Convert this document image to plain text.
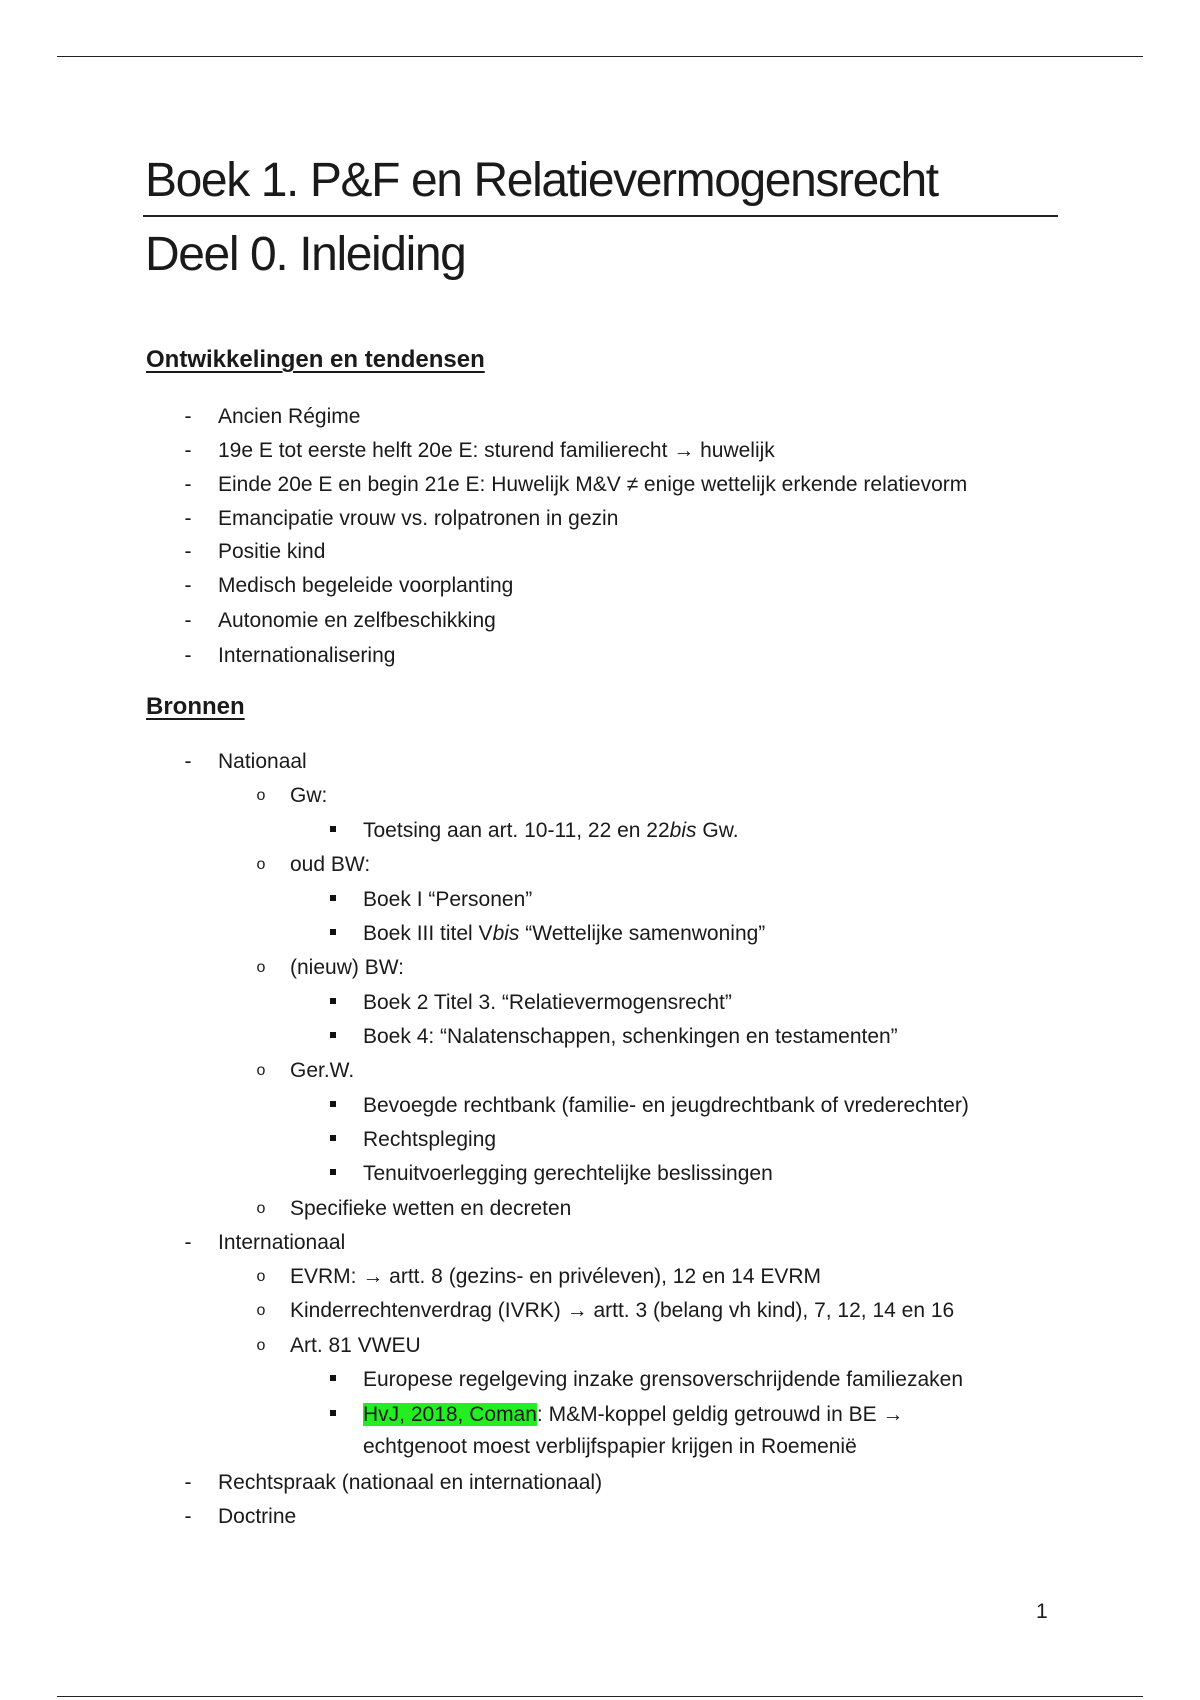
Boek 1. P&F en Relatievermogensrecht
Deel 0. Inleiding
Ontwikkelingen en tendensen
- Ancien Régime
- 19e E tot eerste helft 20e E: sturend familierecht → huwelijk
- Einde 20e E en begin 21e E: Huwelijk M&V ≠ enige wettelijk erkende relatievorm
- Emancipatie vrouw vs. rolpatronen in gezin
- Positie kind
- Medisch begeleide voorplanting
- Autonomie en zelfbeschikking
- Internationalisering
Bronnen
- Nationaal
o Gw:
Toetsing aan art. 10-11, 22 en 22bis Gw.
o oud BW:
Boek I “Personen”
Boek III titel Vbis “Wettelijke samenwoning”
o (nieuw) BW:
Boek 2 Titel 3. “Relatievermogensrecht”
Boek 4: “Nalatenschappen, schenkingen en testamenten”
o Ger.W.
Bevoegde rechtbank (familie- en jeugdrechtbank of vrederechter)
Rechtspleging
Tenuitvoerlegging gerechtelijke beslissingen
o Specifieke wetten en decreten
- Internationaal
o EVRM: → artt. 8 (gezins- en privéleven), 12 en 14 EVRM
o Kinderrechtenverdrag (IVRK) → artt. 3 (belang vh kind), 7, 12, 14 en 16
o Art. 81 VWEU
Europese regelgeving inzake grensoverschrijdende familiezaken
HvJ, 2018, Coman: M&M-koppel geldig getrouwd in BE →
echtgenoot moest verblijfspapier krijgen in Roemenië
- Rechtspraak (nationaal en internationaal)
- Doctrine
1
